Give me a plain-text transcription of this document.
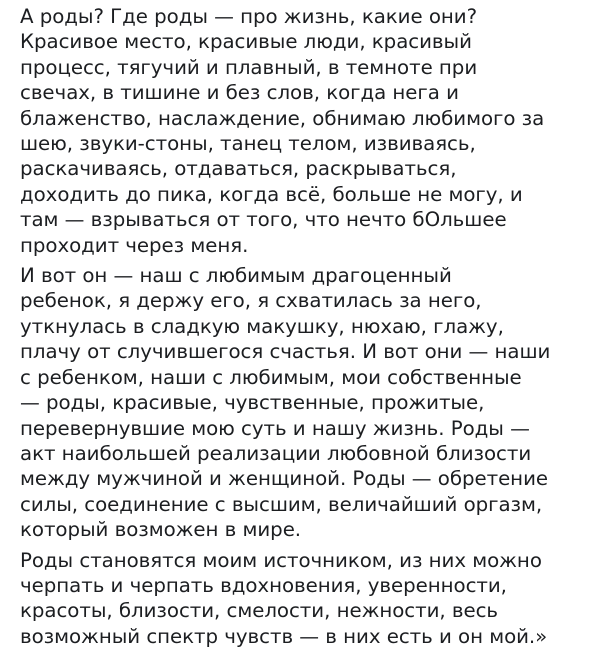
А роды? Где роды — про жизнь, какие они?
Красивое место, красивые люди, красивый
процесс, тягучий и плавный, в темноте при
свечах, в тишине и без слов, когда нега и
блаженство, наслаждение, обнимаю любимого за
шею, звуки-стоны, танец телом, извиваясь,
раскачиваясь, отдаваться, раскрываться,
доходить до пика, когда всё, больше не могу, и
там — взрываться от того, что нечто бОльшее
проходит через меня.

И вот он — наш с любимым драгоценный
ребенок, я держу его, я схватилась за него,
уткнулась в сладкую макушку, нюхаю, глажу,
плачу от случившегося счастья. И вот они — наши
с ребенком, наши с любимым, мои собственные
— роды, красивые, чувственные, прожитые,
перевернувшие мою суть и нашу жизнь. Роды —
акт наибольшей реализации любовной близости
между мужчиной и женщиной. Роды — обретение
силы, соединение с высшим, величайший оргазм,
который возможен в мире.

Роды становятся моим источником, из них можно
черпать и черпать вдохновения, уверенности,
красоты, близости, смелости, нежности, весь
возможный спектр чувств — в них есть и он мой.»
